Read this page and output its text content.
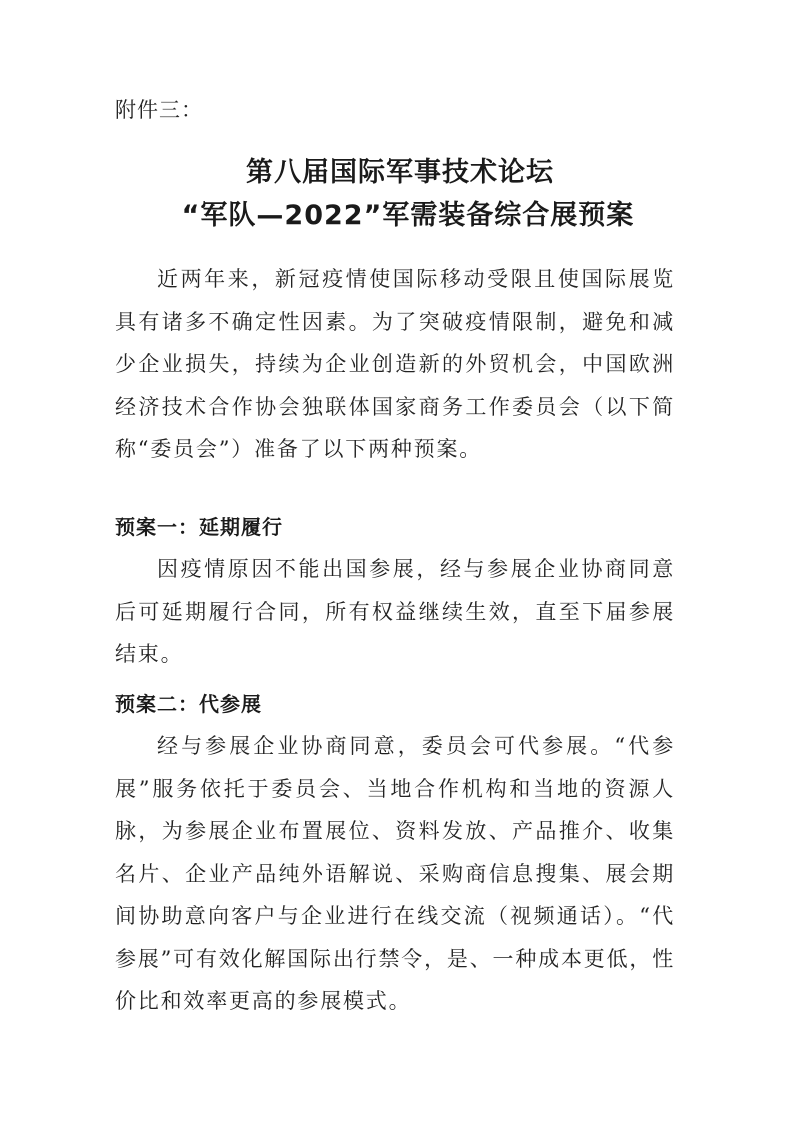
附件三：
第八届国际军事技术论坛
“军队—2022”军需装备综合展预案

近两年来，新冠疫情使国际移动受限且使国际展览具有诸多不确定性因素。为了突破疫情限制，避免和减少企业损失，持续为企业创造新的外贸机会，中国欧洲经济技术合作协会独联体国家商务工作委员会（以下简称“委员会”）准备了以下两种预案。

预案一：延期履行

因疫情原因不能出国参展，经与参展企业协商同意后可延期履行合同，所有权益继续生效，直至下届参展结束。

预案二：代参展

经与参展企业协商同意，委员会可代参展。“代参展”服务依托于委员会、当地合作机构和当地的资源人脉，为参展企业布置展位、资料发放、产品推介、收集名片、企业产品纯外语解说、采购商信息搜集、展会期间协助意向客户与企业进行在线交流（视频通话）。“代参展”可有效化解国际出行禁令，是、一种成本更低，性价比和效率更高的参展模式。
